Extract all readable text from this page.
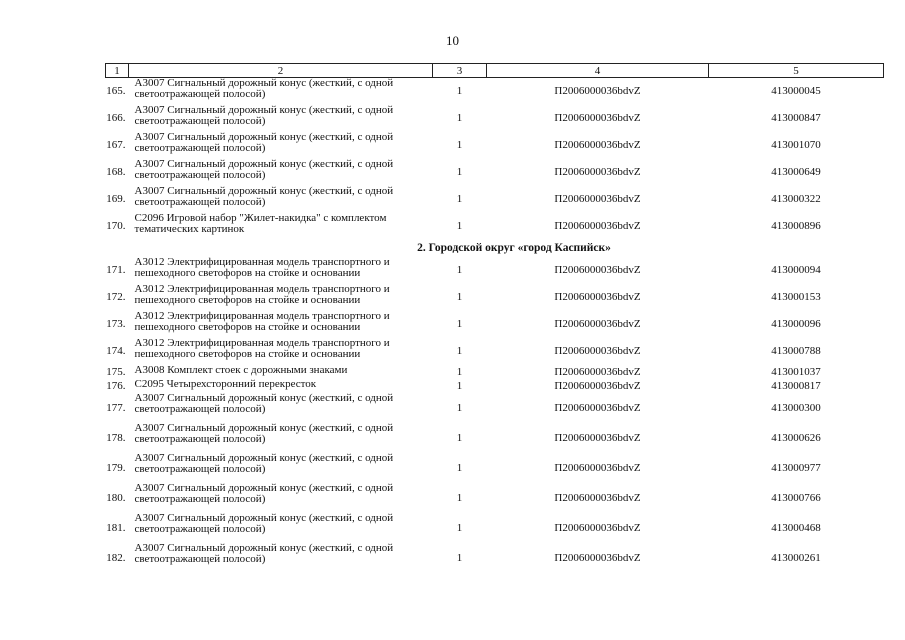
10
1	2	3	4	5
165.	А3007 Сигнальный дорожный конус (жесткий, с одной светоотражающей полосой)	1	П2006000036bdvZ	413000045
166.	А3007 Сигнальный дорожный конус (жесткий, с одной светоотражающей полосой)	1	П2006000036bdvZ	413000847
167.	А3007 Сигнальный дорожный конус (жесткий, с одной светоотражающей полосой)	1	П2006000036bdvZ	413001070
168.	А3007 Сигнальный дорожный конус (жесткий, с одной светоотражающей полосой)	1	П2006000036bdvZ	413000649
169.	А3007 Сигнальный дорожный конус (жесткий, с одной светоотражающей полосой)	1	П2006000036bdvZ	413000322
170.	С2096 Игровой набор "Жилет-накидка" с комплектом тематических картинок	1	П2006000036bdvZ	413000896
2. Городской округ «город Каспийск»				
171.	А3012 Электрифицированная модель транспортного и пешеходного светофоров на стойке и основании	1	П2006000036bdvZ	413000094
172.	А3012 Электрифицированная модель транспортного и пешеходного светофоров на стойке и основании	1	П2006000036bdvZ	413000153
173.	А3012 Электрифицированная модель транспортного и пешеходного светофоров на стойке и основании	1	П2006000036bdvZ	413000096
174.	А3012 Электрифицированная модель транспортного и пешеходного светофоров на стойке и основании	1	П2006000036bdvZ	413000788
175.	А3008 Комплект стоек с дорожными знаками	1	П2006000036bdvZ	413001037
176.	С2095 Четырехсторонний перекресток	1	П2006000036bdvZ	413000817
177.	А3007 Сигнальный дорожный конус (жесткий, с одной светоотражающей полосой)	1	П2006000036bdvZ	413000300
178.	А3007 Сигнальный дорожный конус (жесткий, с одной светоотражающей полосой)	1	П2006000036bdvZ	413000626
179.	А3007 Сигнальный дорожный конус (жесткий, с одной светоотражающей полосой)	1	П2006000036bdvZ	413000977
180.	А3007 Сигнальный дорожный конус (жесткий, с одной светоотражающей полосой)	1	П2006000036bdvZ	413000766
181.	А3007 Сигнальный дорожный конус (жесткий, с одной светоотражающей полосой)	1	П2006000036bdvZ	413000468
182.	А3007 Сигнальный дорожный конус (жесткий, с одной светоотражающей полосой)	1	П2006000036bdvZ	413000261
